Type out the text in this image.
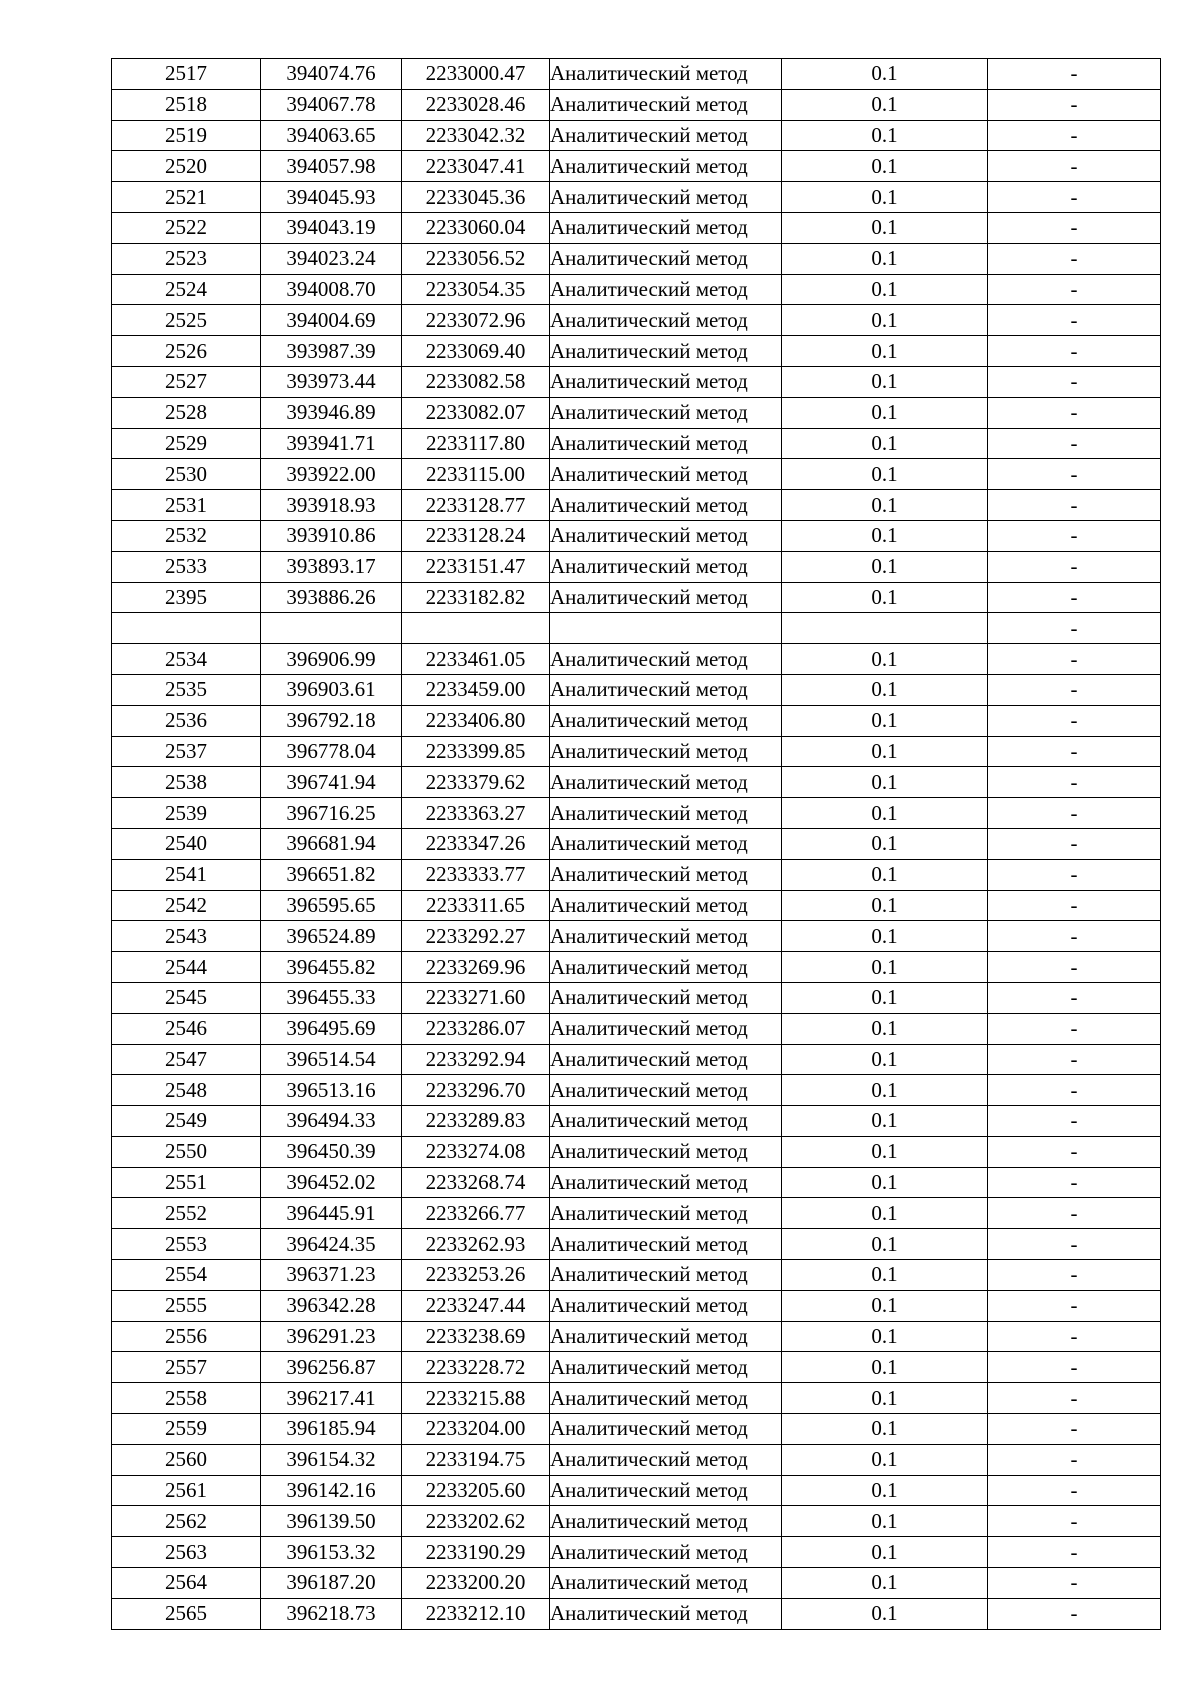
2517	394074.76	2233000.47	Аналитический метод	0.1	-
2518	394067.78	2233028.46	Аналитический метод	0.1	-
2519	394063.65	2233042.32	Аналитический метод	0.1	-
2520	394057.98	2233047.41	Аналитический метод	0.1	-
2521	394045.93	2233045.36	Аналитический метод	0.1	-
2522	394043.19	2233060.04	Аналитический метод	0.1	-
2523	394023.24	2233056.52	Аналитический метод	0.1	-
2524	394008.70	2233054.35	Аналитический метод	0.1	-
2525	394004.69	2233072.96	Аналитический метод	0.1	-
2526	393987.39	2233069.40	Аналитический метод	0.1	-
2527	393973.44	2233082.58	Аналитический метод	0.1	-
2528	393946.89	2233082.07	Аналитический метод	0.1	-
2529	393941.71	2233117.80	Аналитический метод	0.1	-
2530	393922.00	2233115.00	Аналитический метод	0.1	-
2531	393918.93	2233128.77	Аналитический метод	0.1	-
2532	393910.86	2233128.24	Аналитический метод	0.1	-
2533	393893.17	2233151.47	Аналитический метод	0.1	-
2395	393886.26	2233182.82	Аналитический метод	0.1	-
					-
2534	396906.99	2233461.05	Аналитический метод	0.1	-
2535	396903.61	2233459.00	Аналитический метод	0.1	-
2536	396792.18	2233406.80	Аналитический метод	0.1	-
2537	396778.04	2233399.85	Аналитический метод	0.1	-
2538	396741.94	2233379.62	Аналитический метод	0.1	-
2539	396716.25	2233363.27	Аналитический метод	0.1	-
2540	396681.94	2233347.26	Аналитический метод	0.1	-
2541	396651.82	2233333.77	Аналитический метод	0.1	-
2542	396595.65	2233311.65	Аналитический метод	0.1	-
2543	396524.89	2233292.27	Аналитический метод	0.1	-
2544	396455.82	2233269.96	Аналитический метод	0.1	-
2545	396455.33	2233271.60	Аналитический метод	0.1	-
2546	396495.69	2233286.07	Аналитический метод	0.1	-
2547	396514.54	2233292.94	Аналитический метод	0.1	-
2548	396513.16	2233296.70	Аналитический метод	0.1	-
2549	396494.33	2233289.83	Аналитический метод	0.1	-
2550	396450.39	2233274.08	Аналитический метод	0.1	-
2551	396452.02	2233268.74	Аналитический метод	0.1	-
2552	396445.91	2233266.77	Аналитический метод	0.1	-
2553	396424.35	2233262.93	Аналитический метод	0.1	-
2554	396371.23	2233253.26	Аналитический метод	0.1	-
2555	396342.28	2233247.44	Аналитический метод	0.1	-
2556	396291.23	2233238.69	Аналитический метод	0.1	-
2557	396256.87	2233228.72	Аналитический метод	0.1	-
2558	396217.41	2233215.88	Аналитический метод	0.1	-
2559	396185.94	2233204.00	Аналитический метод	0.1	-
2560	396154.32	2233194.75	Аналитический метод	0.1	-
2561	396142.16	2233205.60	Аналитический метод	0.1	-
2562	396139.50	2233202.62	Аналитический метод	0.1	-
2563	396153.32	2233190.29	Аналитический метод	0.1	-
2564	396187.20	2233200.20	Аналитический метод	0.1	-
2565	396218.73	2233212.10	Аналитический метод	0.1	-
